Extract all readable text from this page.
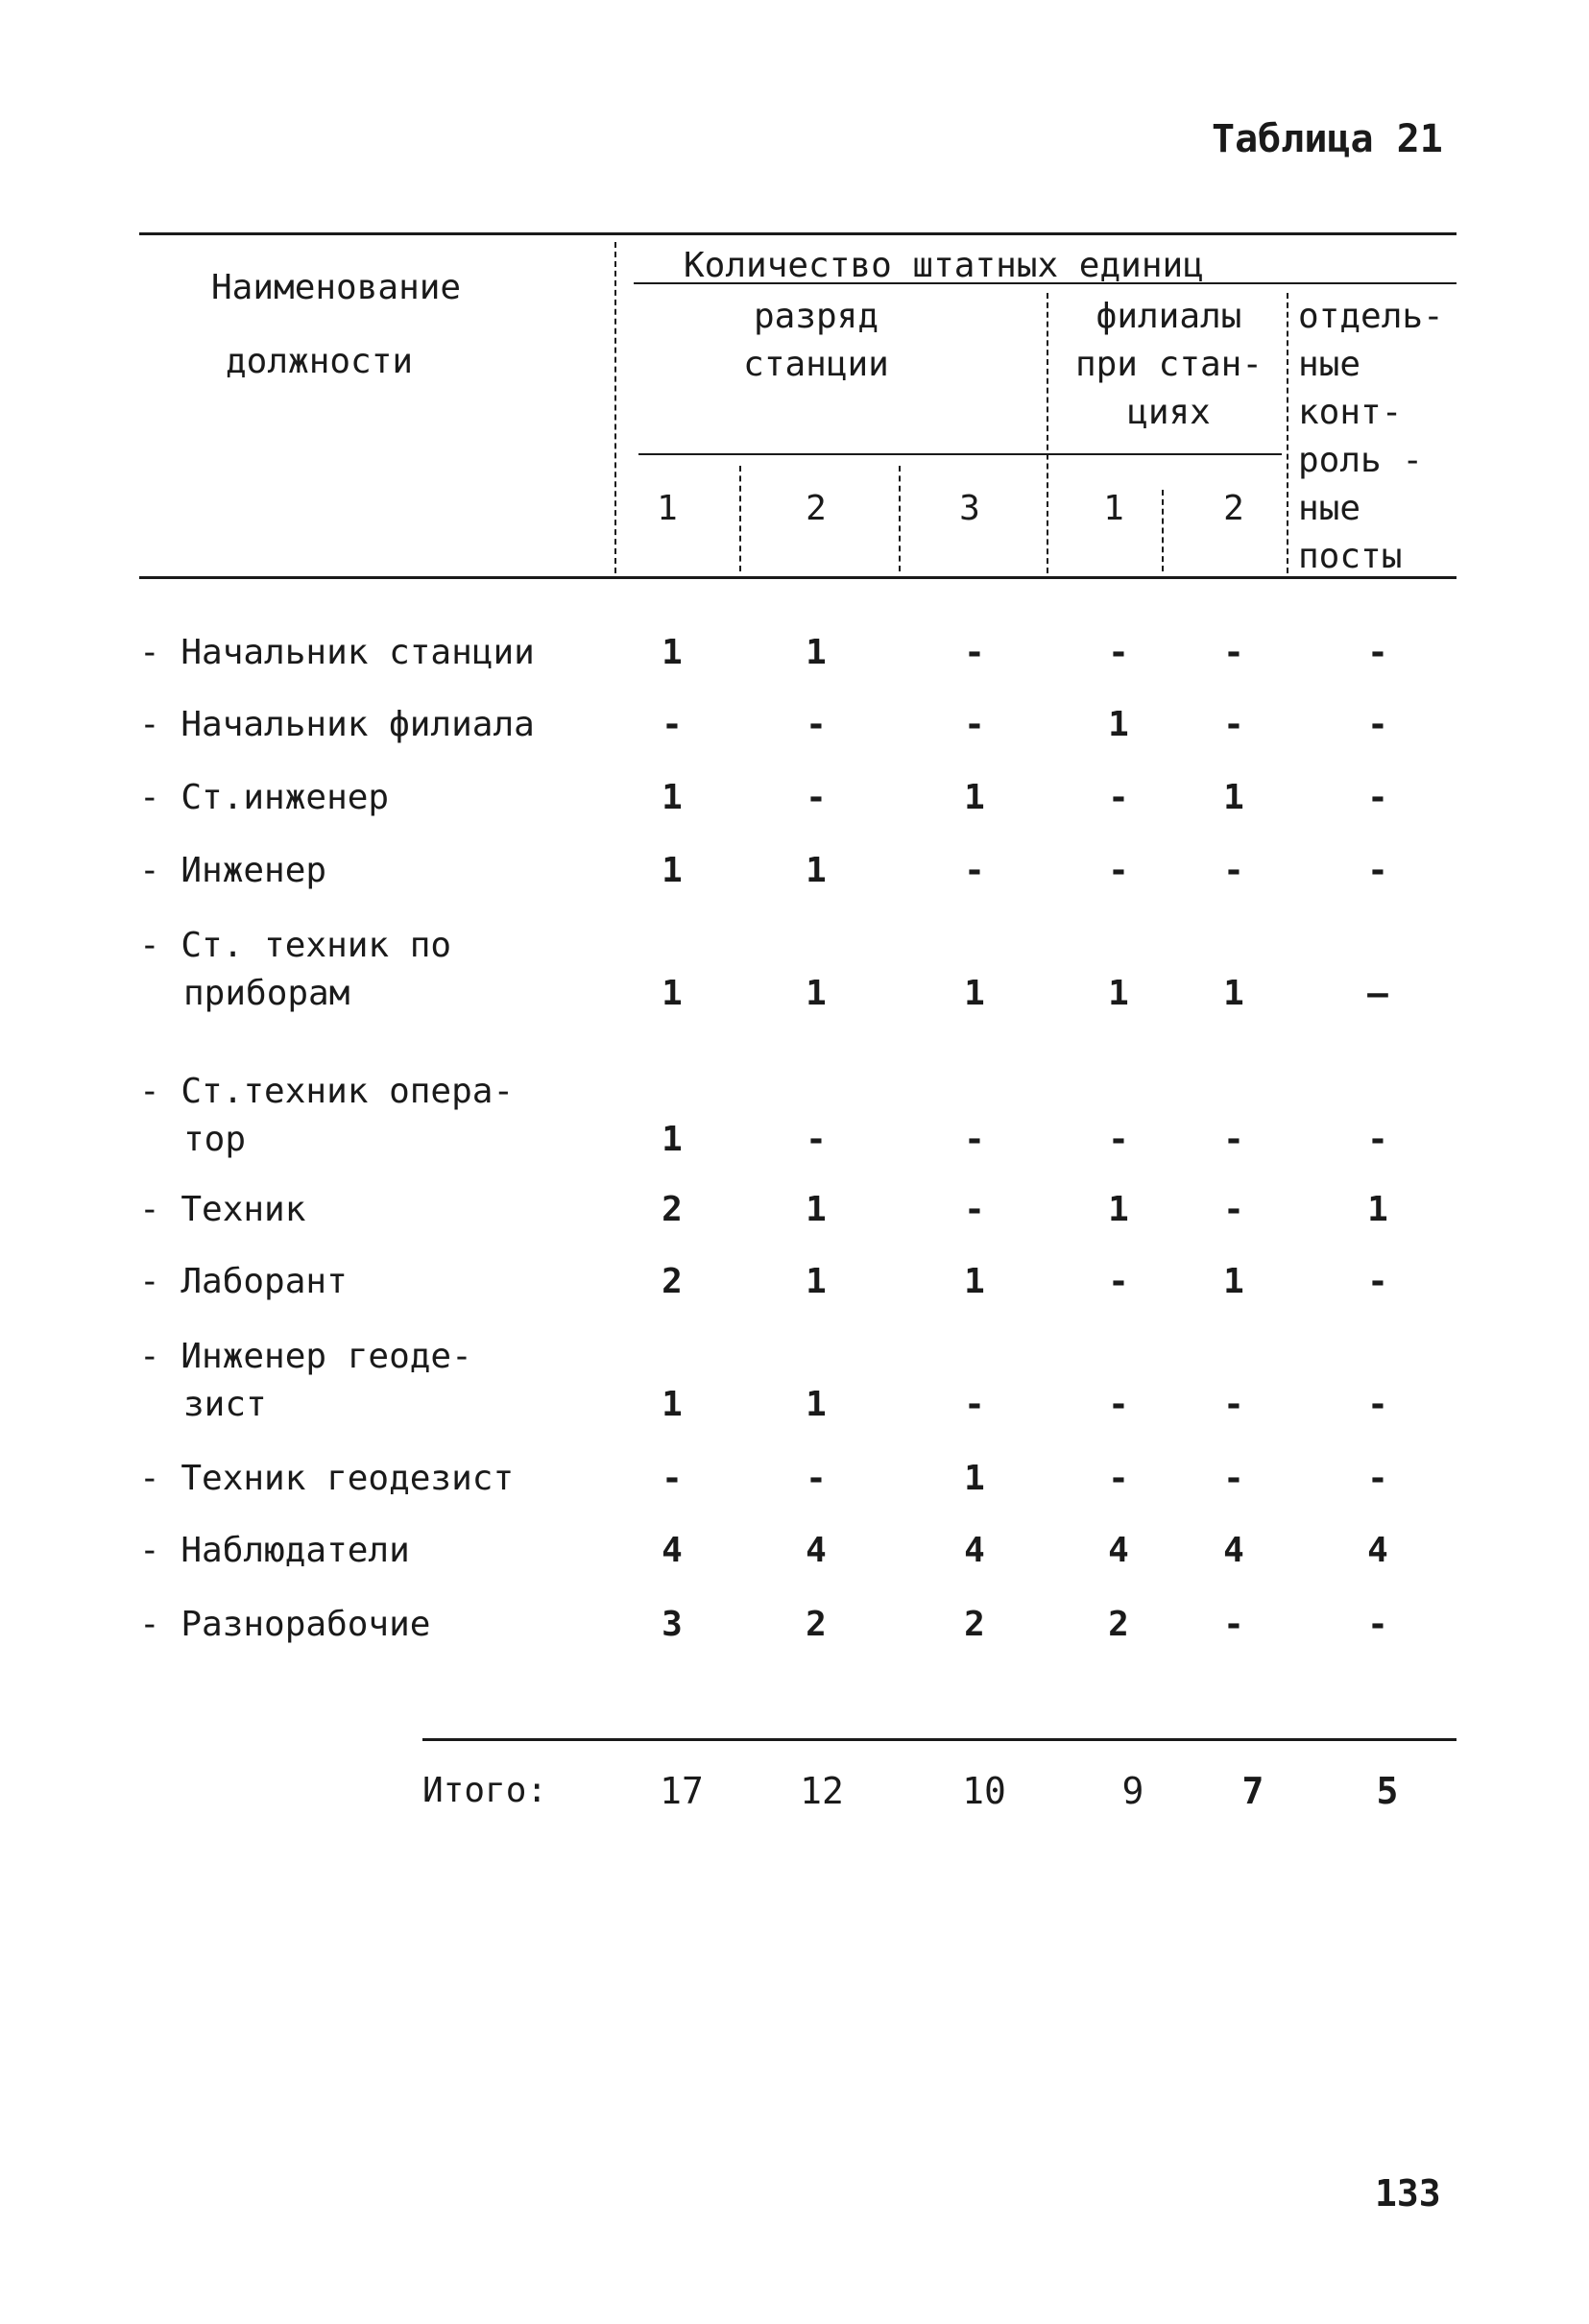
Таблица 21
Наименование
должности
Количество штатных единиц
разряд
станции
филиалы
при стан-
циях
отдель-
ные
конт-
роль -
ные
посты
1	2	3	1	2
- Начальник станции	1	1	-	-	-	-
- Начальник филиала	-	-	-	1	-	-
- Ст.инженер	1	-	1	-	1	-
- Инженер	1	1	-	-	-	-
- Ст. техник по

приборам	1	1	1	1	1	—
- Ст.техник опера-

тор	1	-	-	-	-	-
- Техник	2	1	-	1	-	1
- Лаборант	2	1	1	-	1	-
- Инженер геоде-

зист	1	1	-	-	-	-
- Техник геодезист	-	-	1	-	-	-
- Наблюдатели	4	4	4	4	4	4
- Разнорабочие	3	2	2	2	-	-
Итого:	17	12	10	9	7	5
133
